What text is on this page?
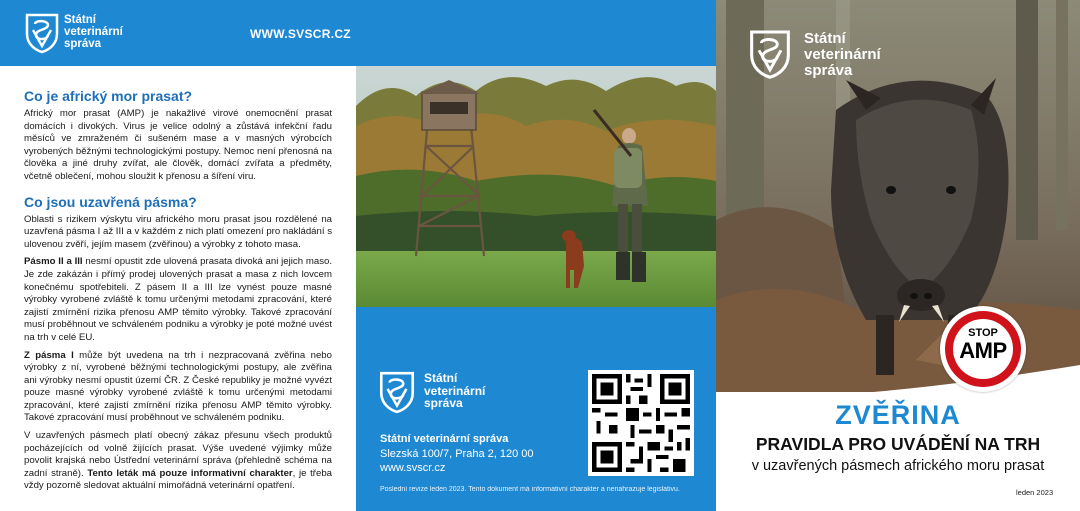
Státní
veterinární
správa
WWW.SVSCR.CZ
Co je africký mor prasat?

Africký mor prasat (AMP) je nakažlivé virové onemocnění prasat domácích i divokých. Virus je velice odolný a zůstává infekční řadu měsíců ve zmraženém či sušeném mase a v masných výrobcích vyrobených běžnými technologickými postupy. Nemoc není přenosná na člověka a jiné druhy zvířat, ale člověk, domácí zvířata a předměty, včetně oblečení, mohou sloužit k přenosu a šíření viru.

Co jsou uzavřená pásma?

Oblasti s rizikem výskytu viru afrického moru prasat jsou rozdělené na uzavřená pásma I až III a v každém z nich platí omezení pro nakládání s ulovenou zvěří, jejím masem (zvěřinou) a výrobky z tohoto masa.

Pásmo II a III nesmí opustit zde ulovená prasata divoká ani jejich maso. Je zde zakázán i přímý prodej ulovených prasat a masa z nich lovcem konečnému spotřebiteli. Z pásem II a III lze vynést pouze masné výrobky vyrobené zvláště k tomu určenými metodami zpracování, které zajistí zmírnění rizika přenosu AMP těmito výrobky. Takové zpracování musí proběhnout ve schváleném podniku a výrobky je poté možné uvést na trh v celé EU.

Z pásma I může být uvedena na trh i nezpracovaná zvěřina nebo výrobky z ní, vyrobené běžnými technologickými postupy, ale zvěřina ani výrobky nesmí opustit území ČR. Z České republiky je možné vyvézt pouze masné výrobky vyrobené zvláště k tomu určenými metodami zpracování, které zajistí zmírnění rizika přenosu AMP těmito výrobky. Takové zpracování musí proběhnout ve schváleném podniku.

V uzavřených pásmech platí obecný zákaz přesunu všech produktů pocházejících od volně žijících prasat. Výše uvedené výjimky může povolit krajská nebo Ústřední veterinární správa (přehledně schéma na zadní straně). Tento leták má pouze informativní charakter, je třeba vždy pozorně sledovat aktuální mimořádná veterinární opatření.

Státní
veterinární
správa
Státní veterinární správa
Slezská 100/7, Praha 2, 120 00
www.svscr.cz
Poslední revize leden 2023. Tento dokument má informativní charakter a nenahrazuje legislativu.
Státní
veterinární
správa
STOP
AMP
ZVĚŘINA
PRAVIDLA PRO UVÁDĚNÍ NA TRH
v uzavřených pásmech afrického moru prasat
leden 2023
